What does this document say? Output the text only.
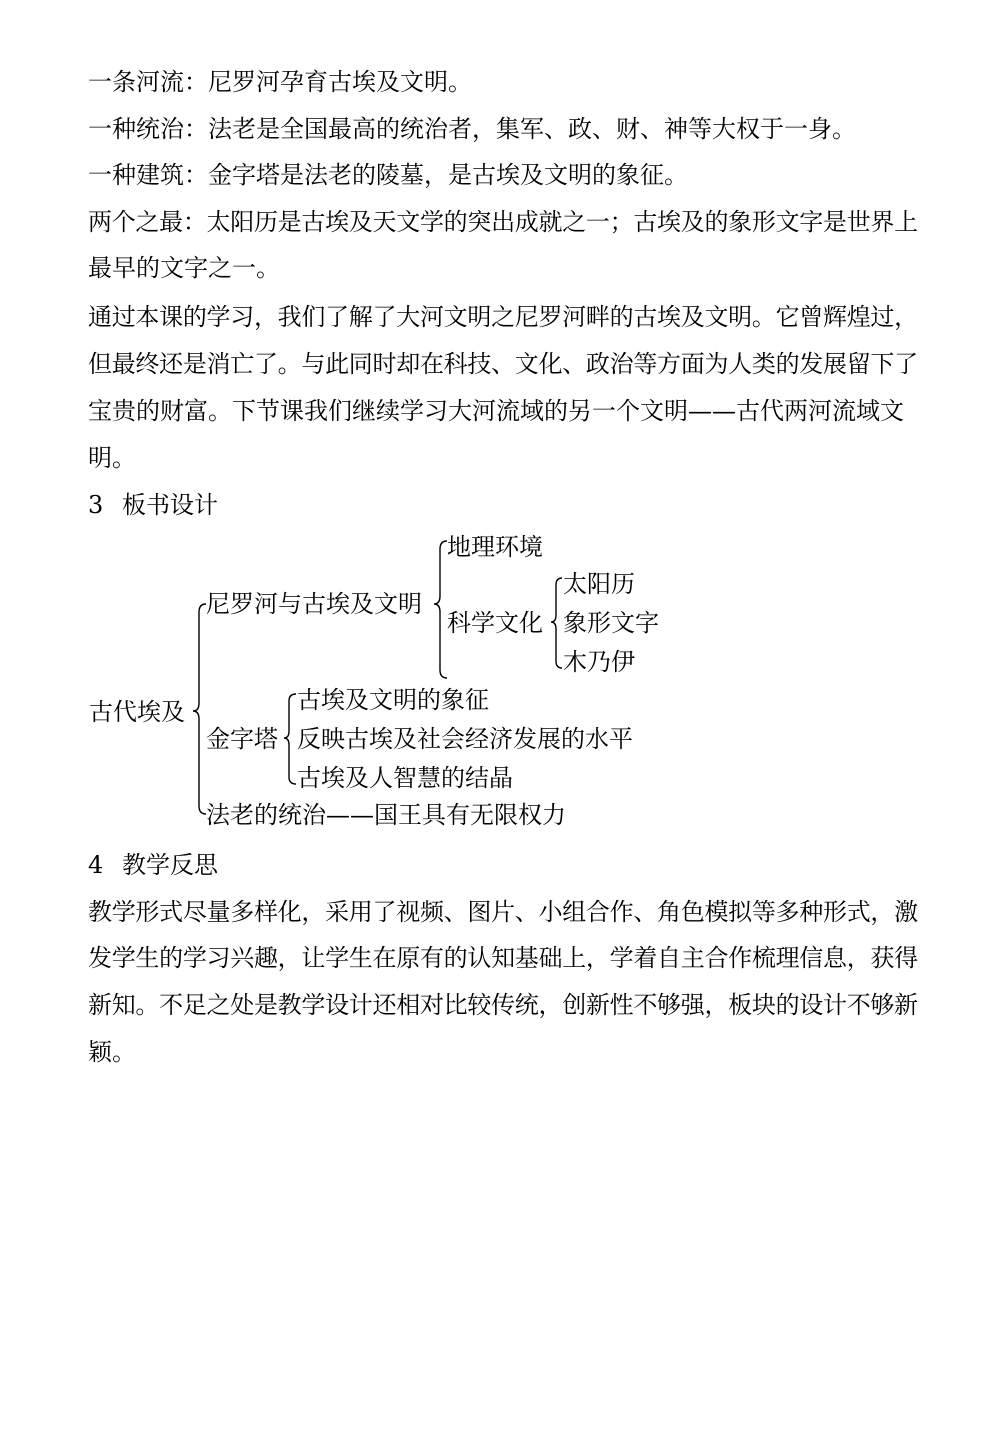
一条河流：尼罗河孕育古埃及文明。
一种统治：法老是全国最高的统治者，集军、政、财、神等大权于一身。
一种建筑：金字塔是法老的陵墓，是古埃及文明的象征。
两个之最：太阳历是古埃及天文学的突出成就之一；古埃及的象形文字是世界上
最早的文字之一。
通过本课的学习，我们了解了大河文明之尼罗河畔的古埃及文明。它曾辉煌过，
但最终还是消亡了。与此同时却在科技、文化、政治等方面为人类的发展留下了
宝贵的财富。下节课我们继续学习大河流域的另一个文明——古代两河流域文
明。
3 板书设计
古代埃及
尼罗河与古埃及文明
地理环境
科学文化
太阳历
象形文字
木乃伊
金字塔
古埃及文明的象征
反映古埃及社会经济发展的水平
古埃及人智慧的结晶
法老的统治——国王具有无限权力
4 教学反思
教学形式尽量多样化，采用了视频、图片、小组合作、角色模拟等多种形式，激
发学生的学习兴趣，让学生在原有的认知基础上，学着自主合作梳理信息，获得
新知。不足之处是教学设计还相对比较传统，创新性不够强，板块的设计不够新
颖。
